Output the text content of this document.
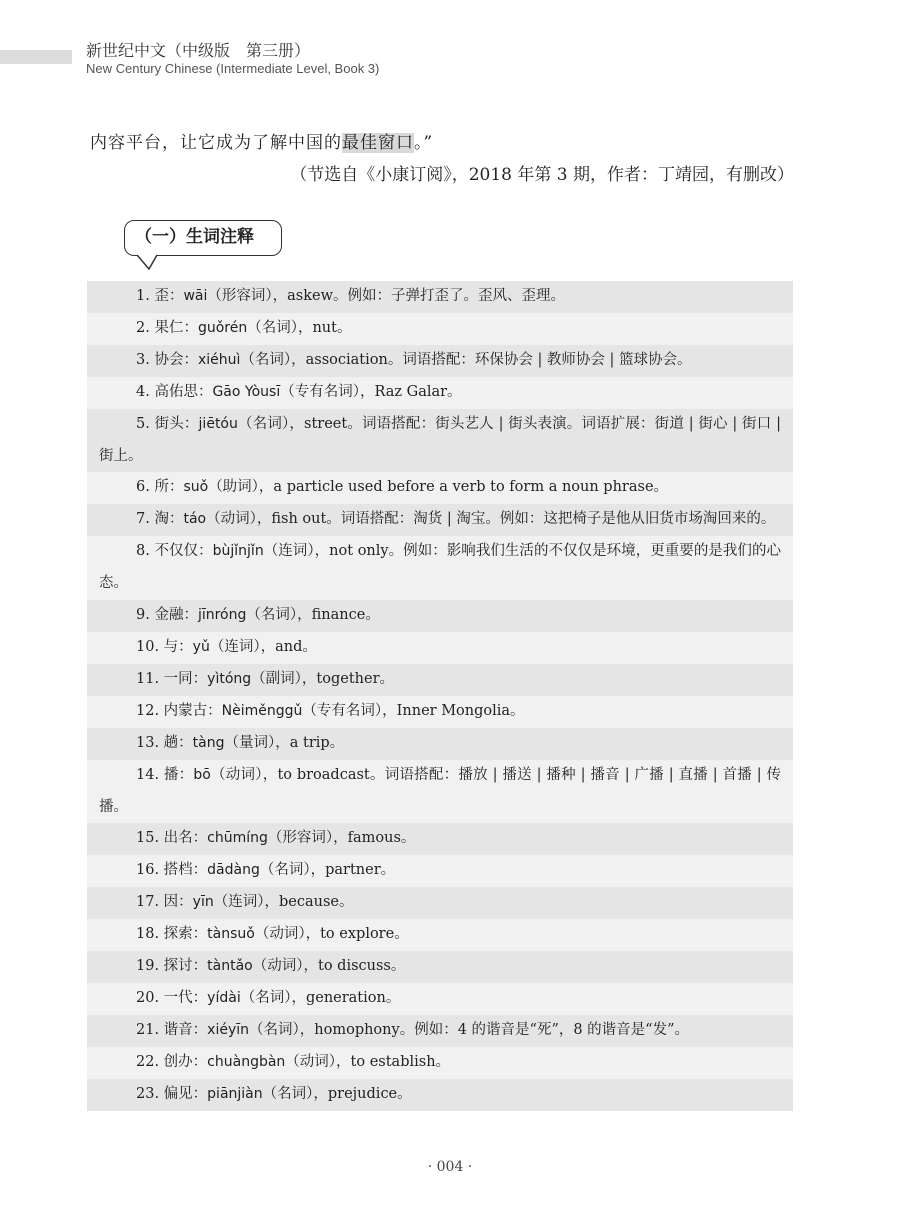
新世纪中文（中级版　第三册）
New Century Chinese (Intermediate Level, Book 3)
内容平台，让它成为了解中国的最佳窗口。”
（节选自《小康订阅》，2018 年第 3 期，作者：丁靖园，有删改）
（一）生词注释
1. 歪：wāi（形容词），askew。例如：子弹打歪了。歪风、歪理。
2. 果仁：guǒrén（名词），nut。
3. 协会：xiéhuì（名词），association。词语搭配：环保协会 | 教师协会 | 篮球协会。
4. 高佑思：Gāo Yòusī（专有名词），Raz Galar。
5. 街头：jiētóu（名词），street。词语搭配：街头艺人 | 街头表演。词语扩展：街道 | 街心 | 街口 | 街上。
6. 所：suǒ（助词），a particle used before a verb to form a noun phrase。
7. 淘：táo（动词），fish out。词语搭配：淘货 | 淘宝。例如：这把椅子是他从旧货市场淘回来的。
8. 不仅仅：bùjǐnjǐn（连词），not only。例如：影响我们生活的不仅仅是环境，更重要的是我们的心态。
9. 金融：jīnróng（名词），finance。
10. 与：yǔ（连词），and。
11. 一同：yìtóng（副词），together。
12. 内蒙古：Nèiměnggǔ（专有名词），Inner Mongolia。
13. 趟：tàng（量词），a trip。
14. 播：bō（动词），to broadcast。词语搭配：播放 | 播送 | 播种 | 播音 | 广播 | 直播 | 首播 | 传播。
15. 出名：chūmíng（形容词），famous。
16. 搭档：dādàng（名词），partner。
17. 因：yīn（连词），because。
18. 探索：tànsuǒ（动词），to explore。
19. 探讨：tàntǎo（动词），to discuss。
20. 一代：yídài（名词），generation。
21. 谐音：xiéyīn（名词），homophony。例如：4 的谐音是“死”，8 的谐音是“发”。
22. 创办：chuàngbàn（动词），to establish。
23. 偏见：piānjiàn（名词），prejudice。
· 004 ·
